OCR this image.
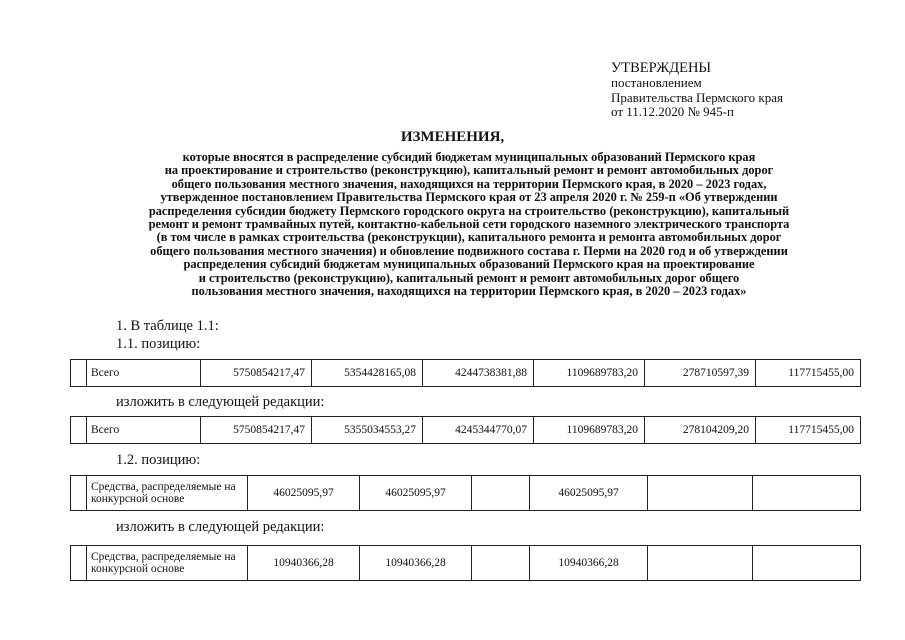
УТВЕРЖДЕНЫ
постановлением
Правительства Пермского края
от 11.12.2020 № 945-п
ИЗМЕНЕНИЯ,
которые вносятся в распределение субсидий бюджетам муниципальных образований Пермского края
на проектирование и строительство (реконструкцию), капитальный ремонт и ремонт автомобильных дорог
общего пользования местного значения, находящихся на территории Пермского края, в 2020 – 2023 годах,
утвержденное постановлением Правительства Пермского края от 23 апреля 2020 г. № 259-п «Об утверждении
распределения субсидии бюджету Пермского городского округа на строительство (реконструкцию), капитальный
ремонт и ремонт трамвайных путей, контактно-кабельной сети городского наземного электрического транспорта
(в том числе в рамках строительства (реконструкции), капитального ремонта и ремонта автомобильных дорог
общего пользования местного значения) и обновление подвижного состава г. Перми на 2020 год и об утверждении
распределения субсидий бюджетам муниципальных образований Пермского края на проектирование
и строительство (реконструкцию), капитальный ремонт и ремонт автомобильных дорог общего
пользования местного значения, находящихся на территории Пермского края, в 2020 – 2023 годах»
1. В таблице 1.1:
1.1. позицию:
	Всего	5750854217,47	5354428165,08	4244738381,88	1109689783,20	278710597,39	117715455,00
изложить в следующей редакции:
	Всего	5750854217,47	5355034553,27	4245344770,07	1109689783,20	278104209,20	117715455,00
1.2. позицию:
	Средства, распределяемые на конкурсной основе	46025095,97	46025095,97		46025095,97		
изложить в следующей редакции:
	Средства, распределяемые на конкурсной основе	10940366,28	10940366,28		10940366,28		
